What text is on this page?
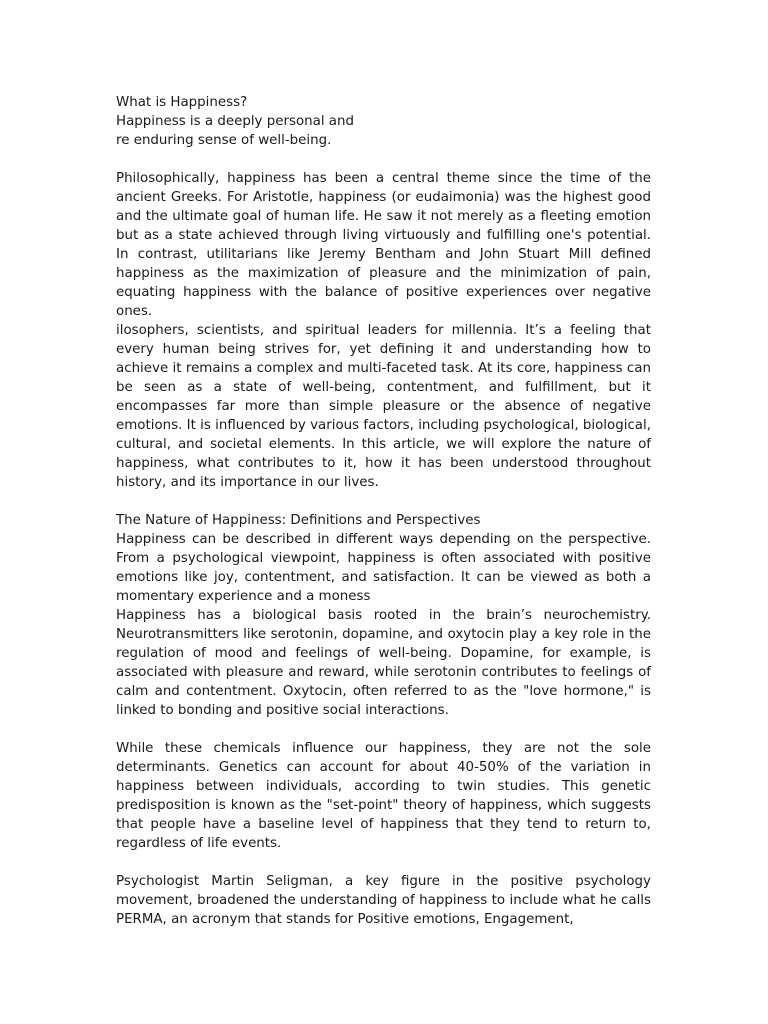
What is Happiness?
Happiness is a deeply personal and
re enduring sense of well-being.
Philosophically, happiness has been a central theme since the time of the ancient Greeks. For Aristotle, happiness (or eudaimonia) was the highest good and the ultimate goal of human life. He saw it not merely as a fleeting emotion but as a state achieved through living virtuously and fulfilling one's potential. In contrast, utilitarians like Jeremy Bentham and John Stuart Mill defined happiness as the maximization of pleasure and the minimization of pain, equating happiness with the balance of positive experiences over negative ones.
ilosophers, scientists, and spiritual leaders for millennia. It’s a feeling that every human being strives for, yet defining it and understanding how to achieve it remains a complex and multi-faceted task. At its core, happiness can be seen as a state of well-being, contentment, and fulfillment, but it encompasses far more than simple pleasure or the absence of negative emotions. It is influenced by various factors, including psychological, biological, cultural, and societal elements. In this article, we will explore the nature of happiness, what contributes to it, how it has been understood throughout history, and its importance in our lives.
The Nature of Happiness: Definitions and Perspectives
Happiness can be described in different ways depending on the perspective. From a psychological viewpoint, happiness is often associated with positive emotions like joy, contentment, and satisfaction. It can be viewed as both a momentary experience and a moness
Happiness has a biological basis rooted in the brain’s neurochemistry. Neurotransmitters like serotonin, dopamine, and oxytocin play a key role in the regulation of mood and feelings of well-being. Dopamine, for example, is associated with pleasure and reward, while serotonin contributes to feelings of calm and contentment. Oxytocin, often referred to as the "love hormone," is linked to bonding and positive social interactions.
While these chemicals influence our happiness, they are not the sole determinants. Genetics can account for about 40-50% of the variation in happiness between individuals, according to twin studies. This genetic predisposition is known as the "set-point" theory of happiness, which suggests that people have a baseline level of happiness that they tend to return to, regardless of life events.
Psychologist Martin Seligman, a key figure in the positive psychology movement, broadened the understanding of happiness to include what he calls PERMA, an acronym that stands for Positive emotions, Engagement,
